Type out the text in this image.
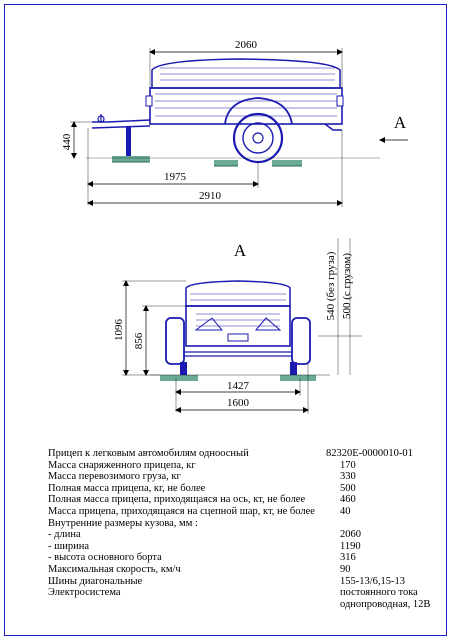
2060
440
1975
2910
A
A
1096 856
540 (без груза) 500 (с грузом)
1427
1600
Прицеп к легковым автомобилям одноосный	82320Е-0000010-01
Масса снаряженного прицепа, кг	170
Масса перевозимого груза, кг	330
Полная масса прицепа, кг, не более	500
Полная масса прицепа, приходящаяся на ось, кт, не более	460
Масса прицепа, приходящаяся на сцепной шар, кт, не более 40
Внутренние размеры кузова, мм :
- длина	2060
- ширина	1190
- высота основного борта	316
Максимальная скорость, км/ч	90
Шины диагональные	155-13/6,15-13
Электросистема	постоянного тока
однопроводная, 12В
